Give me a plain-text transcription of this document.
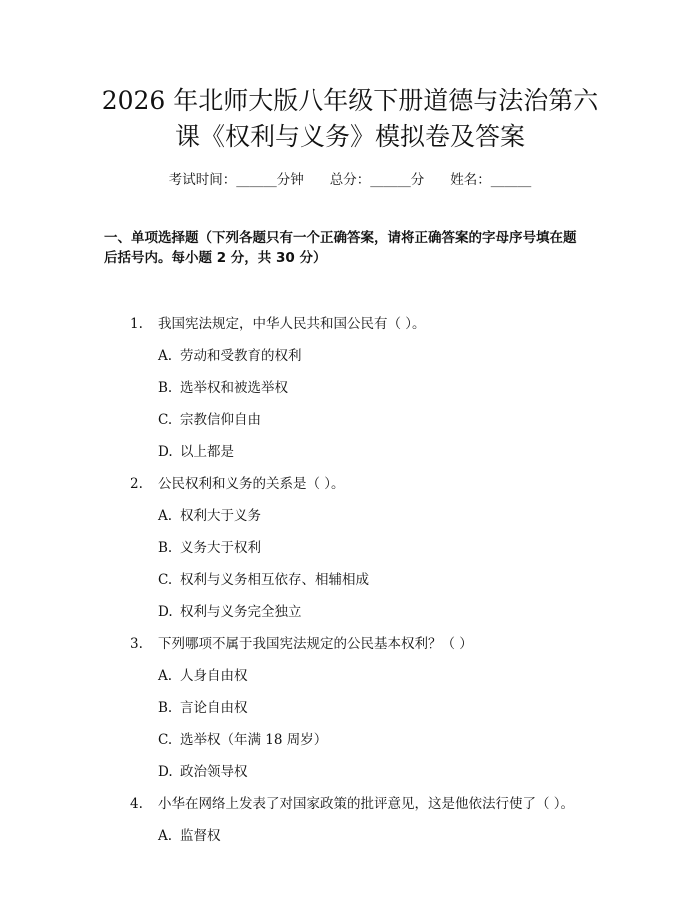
2026 年北师大版八年级下册道德与法治第六
课《权利与义务》模拟卷及答案
考试时间：______分钟 总分：______分 姓名：______
一、单项选择题（下列各题只有一个正确答案，请将正确答案的字母序号填在题
后括号内。每小题 2 分，共 30 分）
1. 我国宪法规定，中华人民共和国公民有（ ）。
A. 劳动和受教育的权利
B. 选举权和被选举权
C. 宗教信仰自由
D. 以上都是
2. 公民权利和义务的关系是（ ）。
A. 权利大于义务
B. 义务大于权利
C. 权利与义务相互依存、相辅相成
D. 权利与义务完全独立
3. 下列哪项不属于我国宪法规定的公民基本权利？（ ）
A. 人身自由权
B. 言论自由权
C. 选举权（年满 18 周岁）
D. 政治领导权
4. 小华在网络上发表了对国家政策的批评意见，这是他依法行使了（ ）。
A. 监督权
